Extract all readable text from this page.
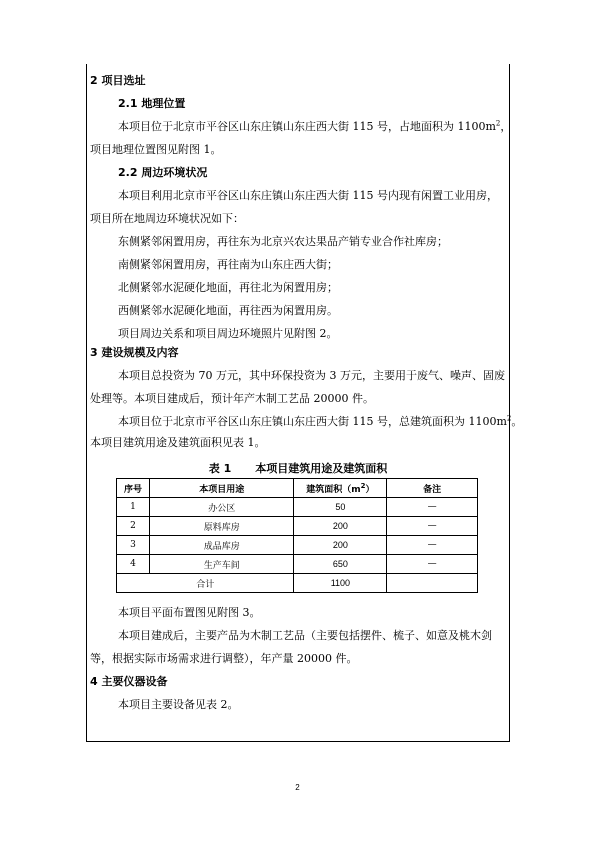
2 项目选址
2.1 地理位置
本项目位于北京市平谷区山东庄镇山东庄西大街 115 号，占地面积为 $1100m^2$，
项目地理位置图见附图 1。
2.2 周边环境状况
本项目利用北京市平谷区山东庄镇山东庄西大街 115 号内现有闲置工业用房，
项目所在地周边环境状况如下：
东侧紧邻闲置用房，再往东为北京兴农达果品产销专业合作社库房；
南侧紧邻闲置用房，再往南为山东庄西大街；
北侧紧邻水泥硬化地面，再往北为闲置用房；
西侧紧邻水泥硬化地面，再往西为闲置用房。
项目周边关系和项目周边环境照片见附图 2。
3 建设规模及内容
本项目总投资为 70 万元，其中环保投资为 3 万元，主要用于废气、噪声、固废
处理等。本项目建成后，预计年产木制工艺品 20000 件。
本项目位于北京市平谷区山东庄镇山东庄西大街 115 号，总建筑面积为 $1100m^2$。
本项目建筑用途及建筑面积见表 1。
表 1 本项目建筑用途及建筑面积
序号	本项目用途	建筑面积$(m^2)$	备注
1	办公区	50	—
2	原料库房	200	—
3	成品库房	200	—
4	生产车间	650	—
合计		1100	
本项目平面布置图见附图 3。
本项目建成后，主要产品为木制工艺品（主要包括摆件、梳子、如意及桃木剑
等，根据实际市场需求进行调整），年产量 20000 件。
4 主要仪器设备
本项目主要设备见表 2。
2
